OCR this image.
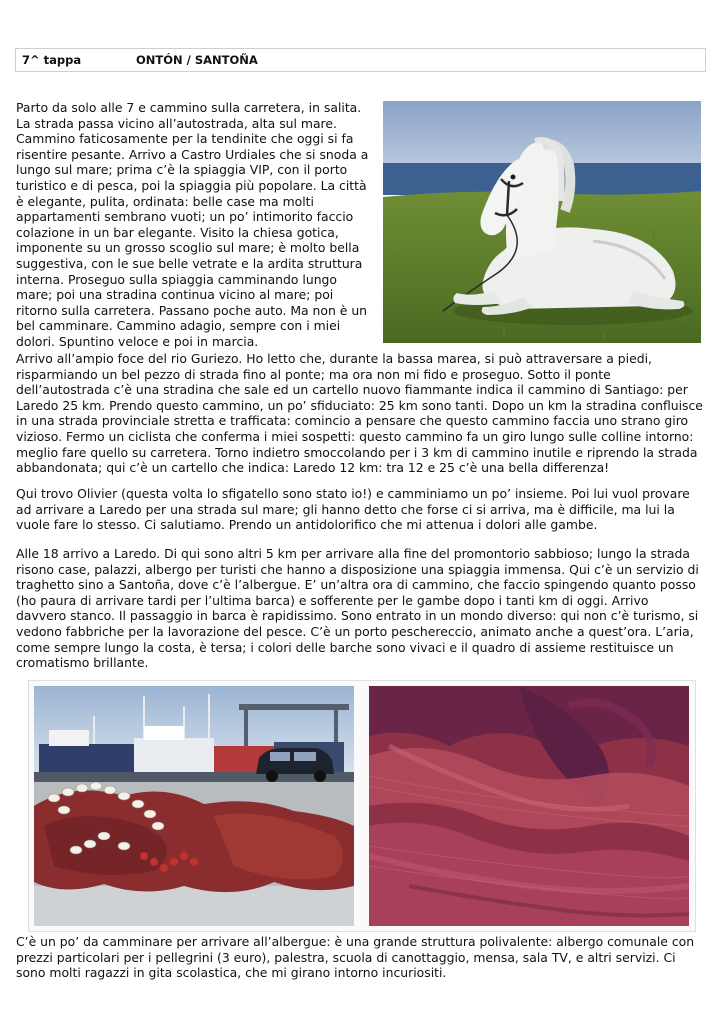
7^ tappa	ONTÓN / SANTOÑA

Parto da solo alle 7 e cammino sulla carretera, in salita.
La strada passa vicino all’autostrada, alta sul mare.
Cammino faticosamente per la tendinite che oggi si fa
risentire pesante. Arrivo a Castro Urdiales che si snoda a
lungo sul mare; prima c’è la spiaggia VIP, con il porto
turistico e di pesca, poi la spiaggia più popolare. La città
è elegante, pulita, ordinata: belle case ma molti
appartamenti sembrano vuoti; un po’ intimorito faccio
colazione in un bar elegante. Visito la chiesa gotica,
imponente su un grosso scoglio sul mare; è molto bella
suggestiva, con le sue belle vetrate e la ardita struttura
interna. Proseguo sulla spiaggia camminando lungo
mare; poi una stradina continua vicino al mare; poi
ritorno sulla carretera. Passano poche auto. Ma non è un
bel camminare. Cammino adagio, sempre con i miei
dolori. Spuntino veloce e poi in marcia.

Arrivo all’ampio foce del rio Guriezo. Ho letto che, durante la bassa marea, si può attraversare a piedi,
risparmiando un bel pezzo di strada fino al ponte; ma ora non mi fido e proseguo. Sotto il ponte
dell’autostrada c’è una stradina che sale ed un cartello nuovo fiammante indica il cammino di Santiago: per
Laredo 25 km. Prendo questo cammino, un po’ sfiduciato: 25 km sono tanti. Dopo un km la stradina confluisce
in una strada provinciale stretta e trafficata: comincio a pensare che questo cammino faccia uno strano giro
vizioso. Fermo un ciclista che conferma i miei sospetti: questo cammino fa un giro lungo sulle colline intorno:
meglio fare quello su carretera. Torno indietro smoccolando per i 3 km di cammino inutile e riprendo la strada
abbandonata; qui c’è un cartello che indica: Laredo 12 km: tra 12 e 25 c’è una bella differenza!

Qui trovo Olivier (questa volta lo sfigatello sono stato io!) e camminiamo un po’ insieme. Poi lui vuol provare
ad arrivare a Laredo per una strada sul mare; gli hanno detto che forse ci si arriva, ma è difficile, ma lui la
vuole fare lo stesso. Ci salutiamo. Prendo un antidolorifico che mi attenua i dolori alle gambe.

Alle 18 arrivo a Laredo. Di qui sono altri 5 km per arrivare alla fine del promontorio sabbioso; lungo la strada
risono case, palazzi, albergo per turisti che hanno a disposizione una spiaggia immensa. Qui c’è un servizio di
traghetto sino a Santoña, dove c’è l’albergue. E’ un’altra ora di cammino, che faccio spingendo quanto posso
(ho paura di arrivare tardi per l’ultima barca) e sofferente per le gambe dopo i tanti km di oggi. Arrivo
davvero stanco. Il passaggio in barca è rapidissimo. Sono entrato in un mondo diverso: qui non c’è turismo, si
vedono fabbriche per la lavorazione del pesce. C’è un porto peschereccio, animato anche a quest’ora. L’aria,
come sempre lungo la costa, è tersa; i colori delle barche sono vivaci e il quadro di assieme restituisce un
cromatismo brillante.

C’è un po’ da camminare per arrivare all’albergue: è una grande struttura polivalente: albergo comunale con
prezzi particolari per i pellegrini (3 euro), palestra, scuola di canottaggio, mensa, sala TV, e altri servizi. Ci
sono molti ragazzi in gita scolastica, che mi girano intorno incuriositi.
